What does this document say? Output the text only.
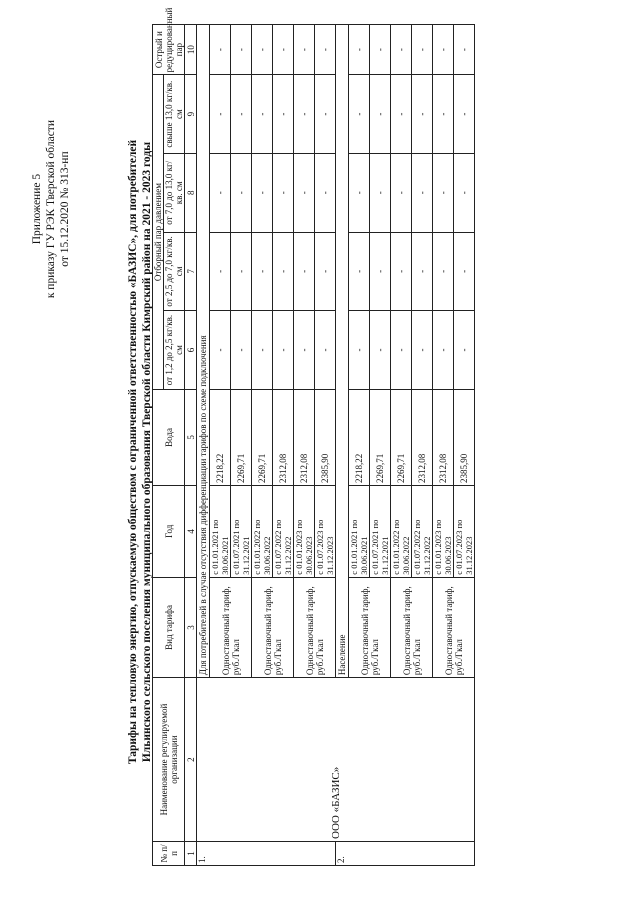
Приложение 5 к приказу ГУ РЭК Тверской области от 15.12.2020 № 313-нп	Тарифы на тепловую энергию, отпускаемую обществом с ограниченной ответственностью «БАЗИС», для потребителей Ильинского сельского поселения муниципального образования Тверской области Кимрский район на 2021 - 2023 годы
№ п/п	Наименование регулируемой организации	Вид тарифа	Год	Вода	Отборный пар давлением				Острый и редуцированный пар
					от 1,2 до 2,5 кг/кв. см	от 2,5 до 7,0 кг/кв. см	от 7,0 до 13,0 кг/кв. см	свыше 13,0 кг/кв. см	
1	2	3	4	5	6	7	8	9	10
1.	ООО «БАЗИС»	Для потребителей в случае отсутствия дифференциации тарифов по схеме подключения							
		Одноставочный тариф, руб./Гкал	с 01.01.2021 по 30.06.2021	2218,22	-	-	-	-	-
			с 01.07.2021 по 31.12.2021	2269,71	-	-	-	-	-
		Одноставочный тариф, руб./Гкал	с 01.01.2022 по 30.06.2022	2269,71	-	-	-	-	-
			с 01.07.2022 по 31.12.2022	2312,08	-	-	-	-	-
		Одноставочный тариф, руб./Гкал	с 01.01.2023 по 30.06.2023	2312,08	-	-	-	-	-
			с 01.07.2023 по 31.12.2023	2385,90	-	-	-	-	-
2.		Население							
		Одноставочный тариф, руб./Гкал	с 01.01.2021 по 30.06.2021	2218,22	-	-	-	-	-
			с 01.07.2021 по 31.12.2021	2269,71	-	-	-	-	-
		Одноставочный тариф, руб./Гкал	с 01.01.2022 по 30.06.2022	2269,71	-	-	-	-	-
			с 01.07.2022 по 31.12.2022	2312,08	-	-	-	-	-
		Одноставочный тариф, руб./Гкал	с 01.01.2023 по 30.06.2023	2312,08	-	-	-	-	-
			с 01.07.2023 по 31.12.2023	2385,90	-	-	-	-	-
